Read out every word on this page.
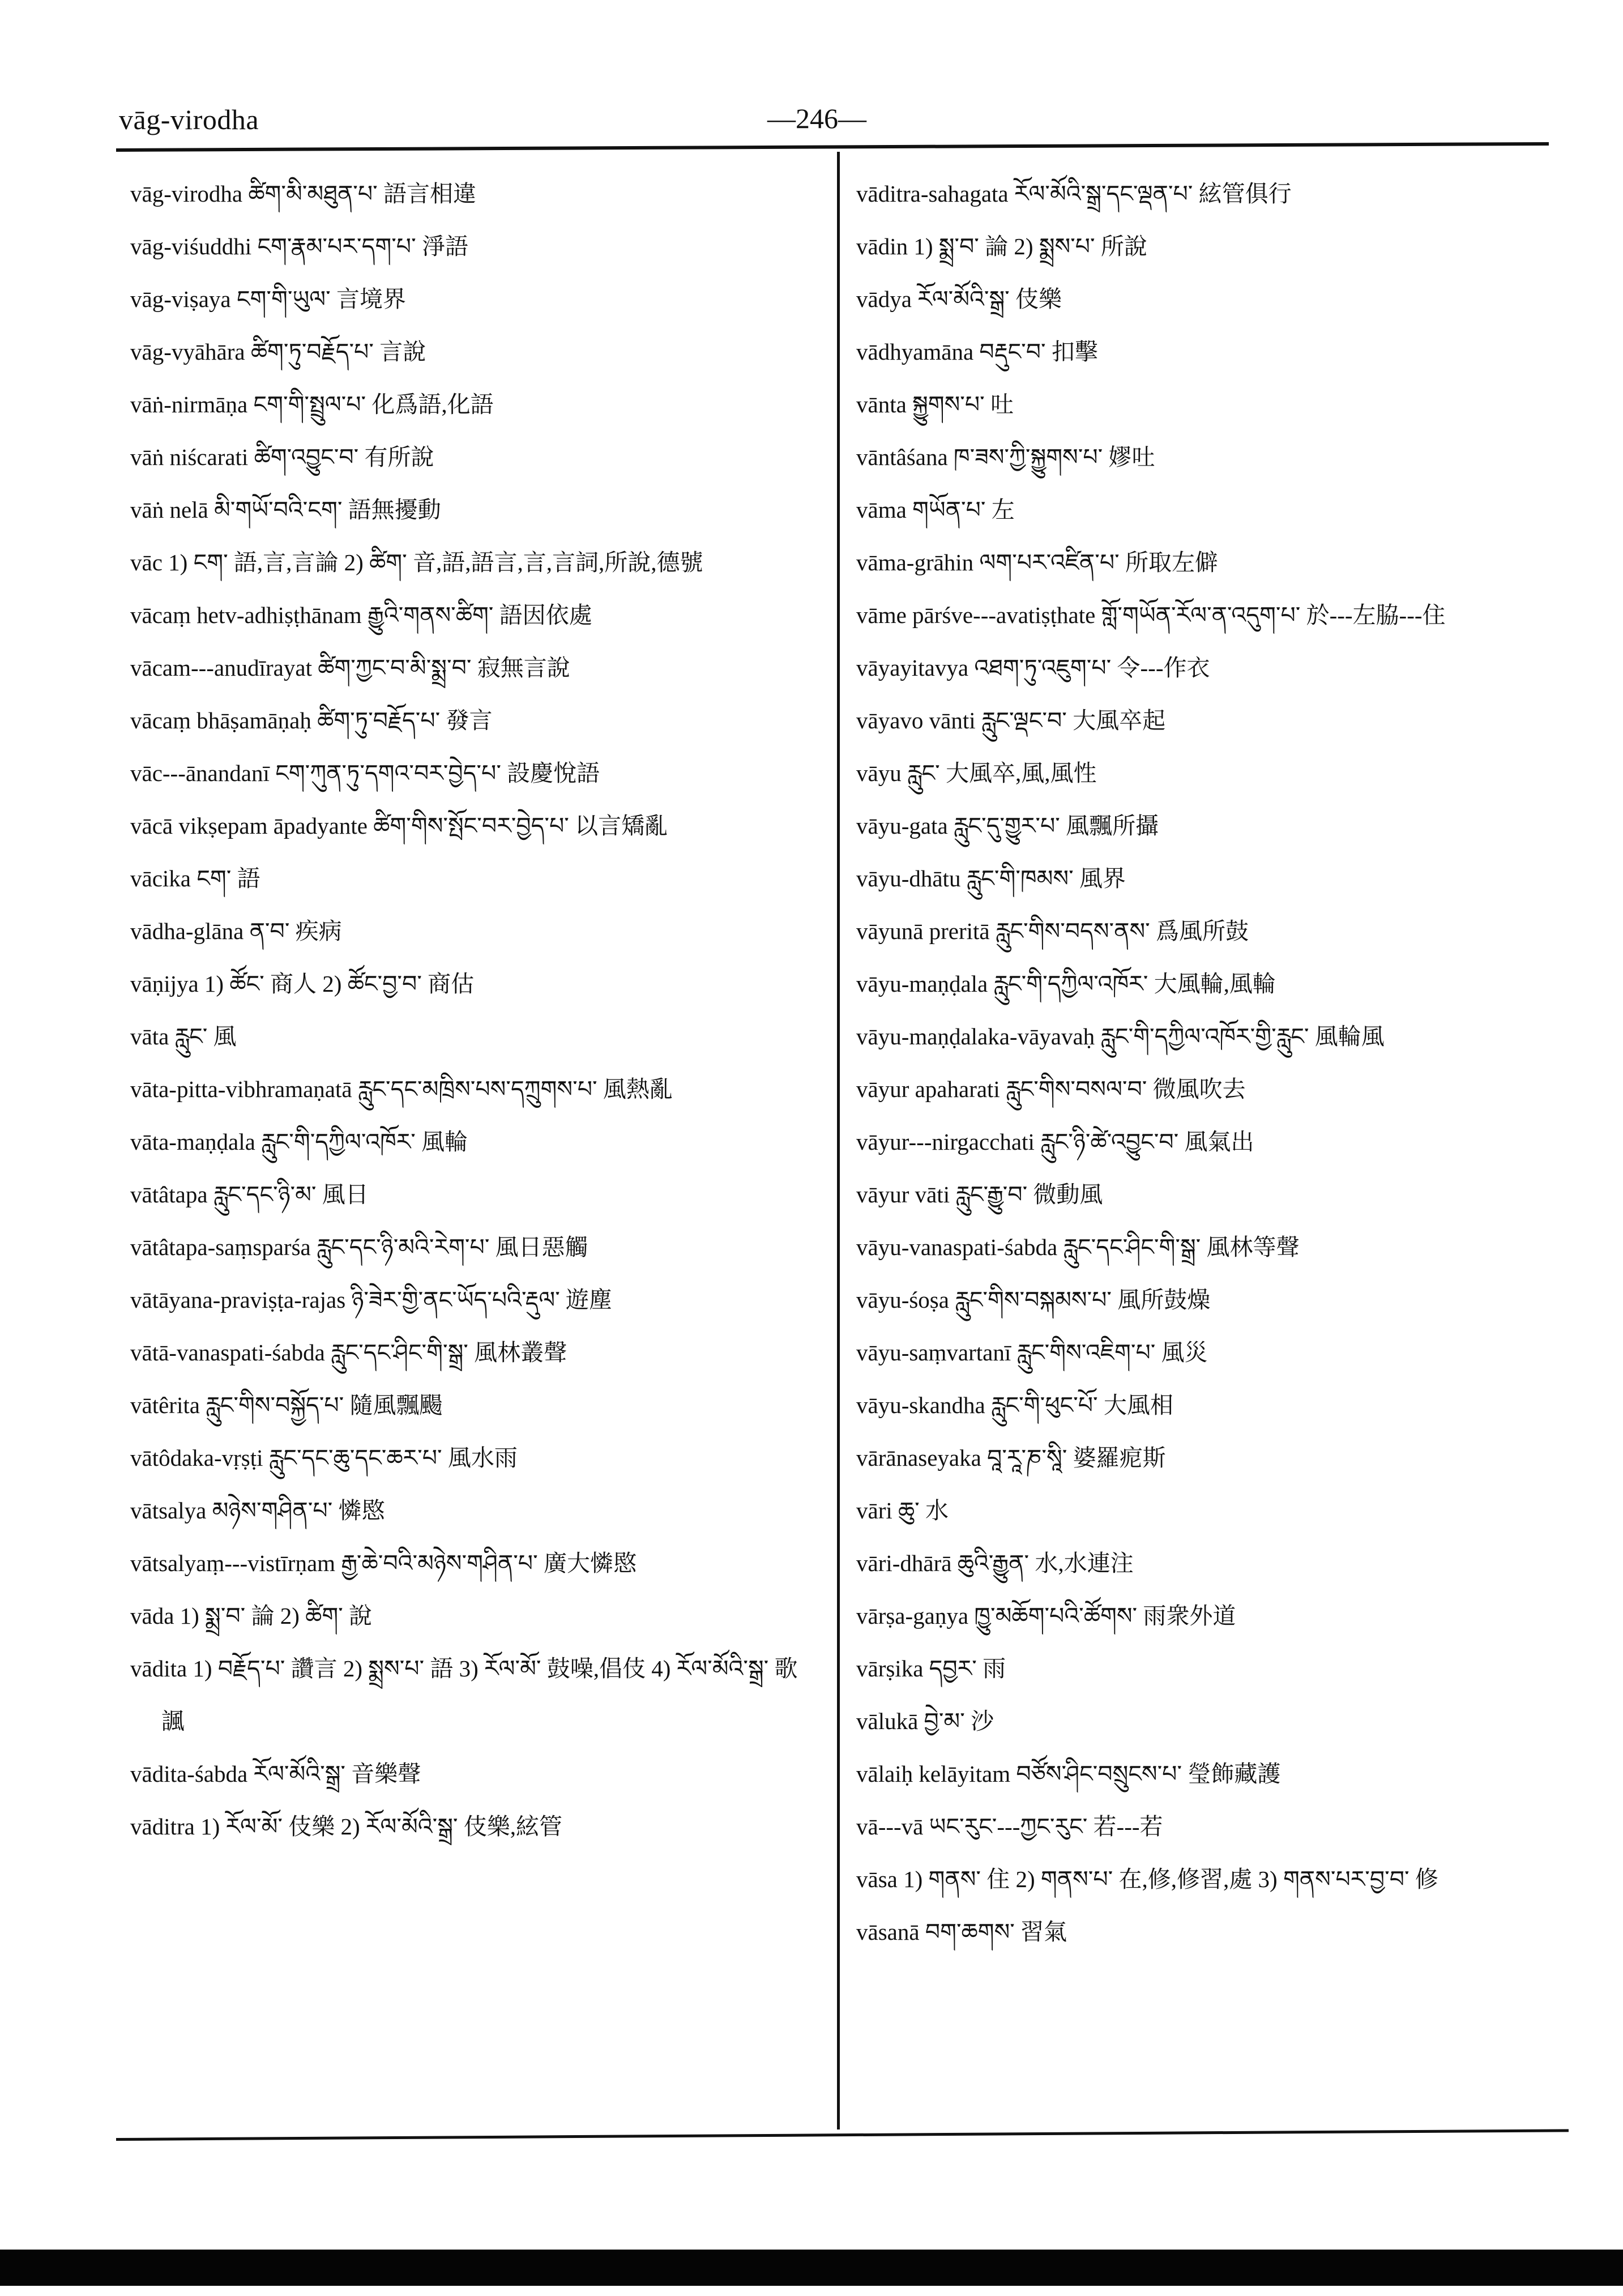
vāg-virodha	—246—
vāg-virodha ཚིག་མི་མཐུན་པ་ 語言相違
vāg-viśuddhi ངག་རྣམ་པར་དག་པ་ 淨語
vāg-viṣaya ངག་གི་ཡུལ་ 言境界
vāg-vyāhāra ཚིག་ཏུ་བརྗོད་པ་ 言說
vāṅ-nirmāṇa ངག་གི་སྤྲུལ་པ་ 化爲語,化語
vāṅ niścarati ཚིག་འབྱུང་བ་ 有所說
vāṅ nelā མི་གཡོ་བའི་ངག་ 語無擾動
vāc 1) ངག་ 語,言,言論 2) ཚིག་ 音,語,語言,言,言詞,所說,德號
vācaṃ hetv-adhiṣṭhānam རྒྱུའི་གནས་ཚིག་ 語因依處
vācam---anudīrayat ཚིག་ཀྱང་བ་མི་སྨྲ་བ་ 寂無言說
vācaṃ bhāṣamāṇaḥ ཚིག་ཏུ་བརྗོད་པ་ 發言
vāc---ānandanī ངག་ཀུན་ཏུ་དགའ་བར་བྱེད་པ་ 設慶悅語
vācā vikṣepam āpadyante ཚིག་གིས་སྤོང་བར་བྱེད་པ་ 以言矯亂
vācika ངག་ 語
vādha-glāna ན་བ་ 疾病
vāṇijya 1) ཚོང་ 商人 2) ཚོང་བྱ་བ་ 商估
vāta རླུང་ 風
vāta-pitta-vibhramaṇatā རླུང་དང་མཁྲིས་པས་དཀྲུགས་པ་ 風熱亂
vāta-maṇḍala རླུང་གི་དཀྱིལ་འཁོར་ 風輪
vātâtapa རླུང་དང་ཉི་མ་ 風日
vātâtapa-saṃsparśa རླུང་དང་ཉི་མའི་རེག་པ་ 風日惡觸
vātāyana-praviṣṭa-rajas ཉི་ཟེར་གྱི་ནང་ཡོད་པའི་རྡུལ་ 遊塵
vātā-vanaspati-śabda རླུང་དང་ཤིང་གི་སྒྲ་ 風林叢聲
vātêrita རླུང་གིས་བསྐྱོད་པ་ 隨風飄颺
vātôdaka-vṛṣṭi རླུང་དང་ཆུ་དང་ཆར་པ་ 風水雨
vātsalya མཉེས་གཤིན་པ་ 憐愍
vātsalyaṃ---vistīrṇam རྒྱ་ཆེ་བའི་མཉེས་གཤིན་པ་ 廣大憐愍
vāda 1) སྨྲ་བ་ 論 2) ཚིག་ 說
vādita 1) བརྗོད་པ་ 讚言 2) སྨྲས་པ་ 語 3) རོལ་མོ་ 鼓噪,倡伎 4) རོལ་མོའི་སྒྲ་ 歌諷
vādita-śabda རོལ་མོའི་སྒྲ་ 音樂聲
vāditra 1) རོལ་མོ་ 伎樂 2) རོལ་མོའི་སྒྲ་ 伎樂,絃管
vāditra-sahagata རོལ་མོའི་སྒྲ་དང་ལྡན་པ་ 絃管俱行
vādin 1) སྨྲ་བ་ 論 2) སྨྲས་པ་ 所說
vādya རོལ་མོའི་སྒྲ་ 伎樂
vādhyamāna བརྡུང་བ་ 扣擊
vānta སྐྱུགས་པ་ 吐
vāntâśana ཁ་ཟས་ཀྱི་སྐྱུགས་པ་ 嫪吐
vāma གཡོན་པ་ 左
vāma-grāhin ལག་པར་འཛིན་པ་ 所取左僻
vāme pārśve---avatiṣṭhate གློ་གཡོན་རོལ་ན་འདུག་པ་ 於---左脇---住
vāyayitavya འཐག་ཏུ་འཇུག་པ་ 令---作衣
vāyavo vānti རླུང་ལྡང་བ་ 大風卒起
vāyu རླུང་ 大風卒,風,風性
vāyu-gata རླུང་དུ་གྱུར་པ་ 風飄所攝
vāyu-dhātu རླུང་གི་ཁམས་ 風界
vāyunā preritā རླུང་གིས་བདས་ནས་ 爲風所鼓
vāyu-maṇḍala རླུང་གི་དཀྱིལ་འཁོར་ 大風輪,風輪
vāyu-maṇḍalaka-vāyavaḥ རླུང་གི་དཀྱིལ་འཁོར་གྱི་རླུང་ 風輪風
vāyur apaharati རླུང་གིས་བསལ་བ་ 微風吹去
vāyur---nirgacchati རླུང་ཉི་ཚེ་འབྱུང་བ་ 風氣出
vāyur vāti རླུང་རྒྱུ་བ་ 微動風
vāyu-vanaspati-śabda རླུང་དང་ཤིང་གི་སྒྲ་ 風林等聲
vāyu-śoṣa རླུང་གིས་བསྐམས་པ་ 風所鼓燥
vāyu-saṃvartanī རླུང་གིས་འཇིག་པ་ 風災
vāyu-skandha རླུང་གི་ཕུང་པོ་ 大風相
vārānaseyaka བཱ་རཱ་ཎ་སཱི་ 婆羅痆斯
vāri ཆུ་ 水
vāri-dhārā ཆུའི་རྒྱུན་ 水,水連注
vārṣa-gaṇya ཁྱུ་མཆོག་པའི་ཚོགས་ 雨衆外道
vārṣika དབྱར་ 雨
vālukā བྱེ་མ་ 沙
vālaiḥ kelāyitam བཙོས་ཤིང་བསྲུངས་པ་ 瑩飾藏護
vā---vā ཡང་རུང་---ཀྱང་རུང་ 若---若
vāsa 1) གནས་ 住 2) གནས་པ་ 在,修,修習,處 3) གནས་པར་བྱ་བ་ 修
vāsanā བག་ཆགས་ 習氣
